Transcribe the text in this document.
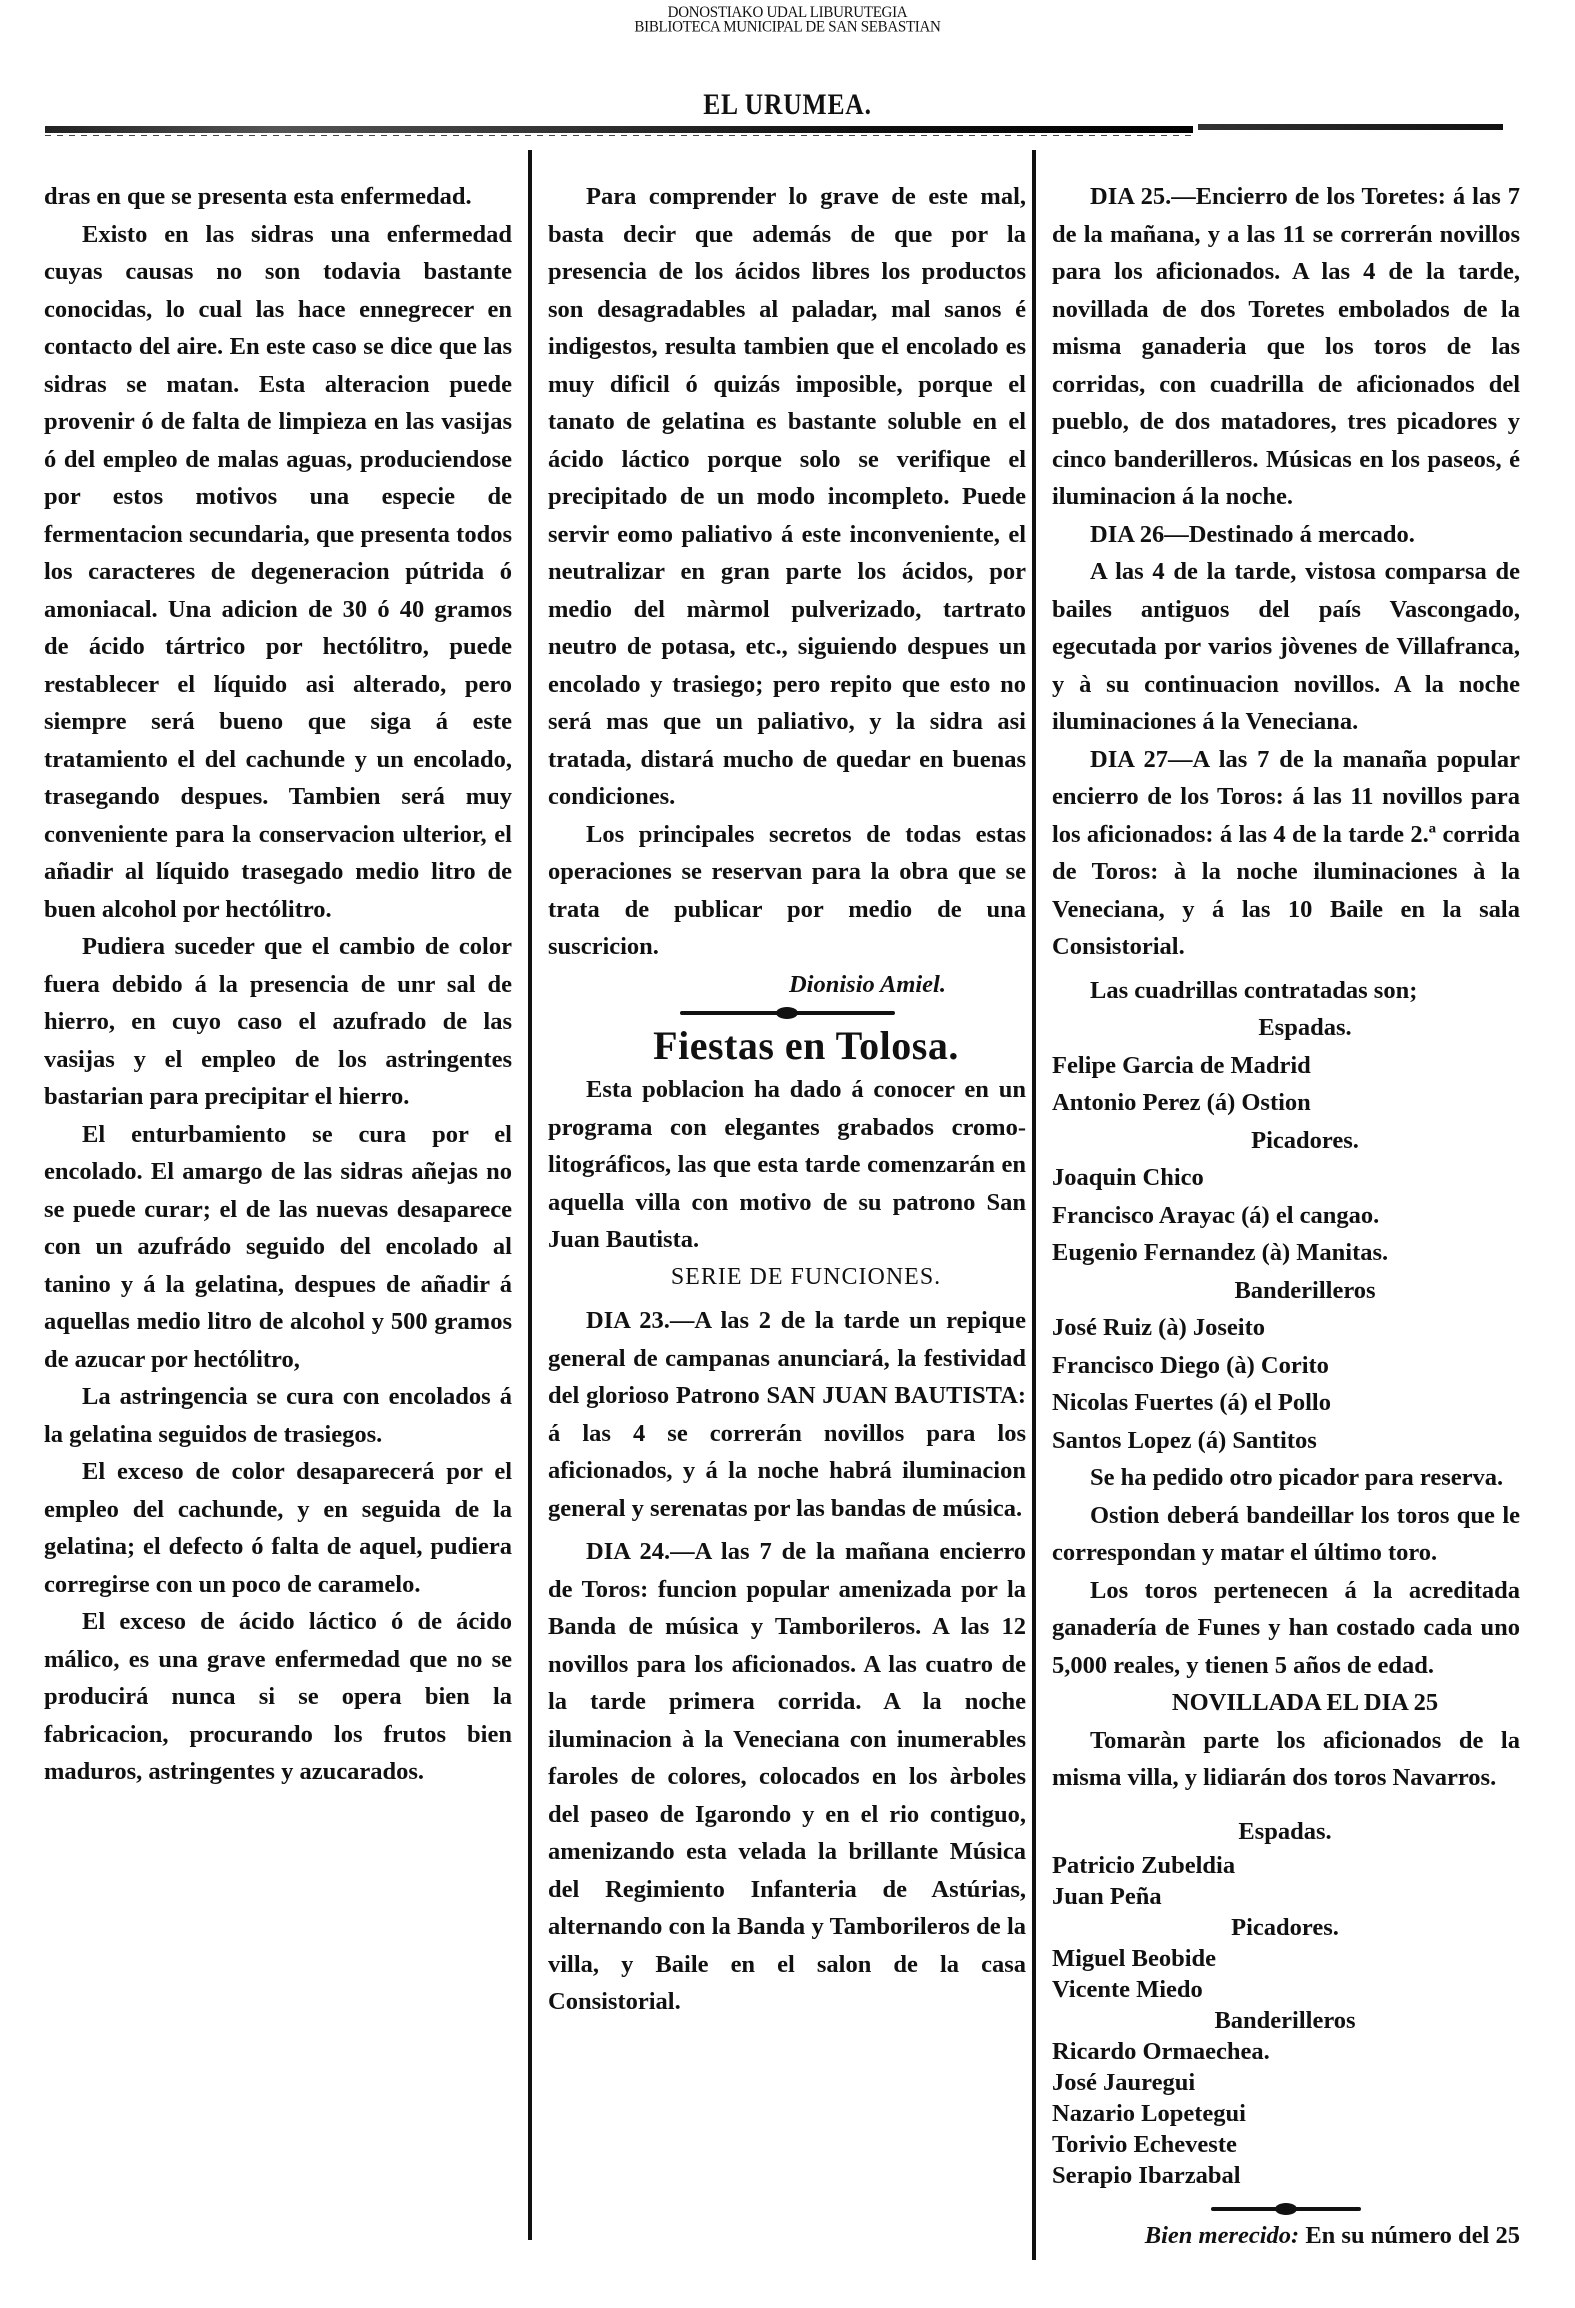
DONOSTIAKO UDAL LIBURUTEGIA
BIBLIOTECA MUNICIPAL DE SAN SEBASTIAN
EL URUMEA.

dras en que se presenta esta enfermedad.

Existo en las sidras una enfermedad cuyas causas no son todavia bastante conocidas, lo cual las hace ennegrecer en contacto del aire. En este caso se dice que las sidras se matan. Esta alteracion puede provenir ó de falta de limpieza en las vasijas ó del empleo de malas aguas, produciendose por estos motivos una especie de fermentacion secundaria, que presenta todos los caracteres de degeneracion pútrida ó amoniacal. Una adicion de 30 ó 40 gramos de ácido tártrico por hectólitro, puede restablecer el líquido asi alterado, pero siempre será bueno que siga á este tratamiento el del cachunde y un encolado, trasegando despues. Tambien será muy conveniente para la conservacion ulterior, el añadir al líquido trasegado medio litro de buen alcohol por hectólitro.

Pudiera suceder que el cambio de color fuera debido á la presencia de unr sal de hierro, en cuyo caso el azufrado de las vasijas y el empleo de los astringentes bastarian para precipitar el hierro.

El enturbamiento se cura por el encolado. El amargo de las sidras añejas no se puede curar; el de las nuevas desaparece con un azufrádo seguido del encolado al tanino y á la gelatina, despues de añadir á aquellas medio litro de alcohol y 500 gramos de azucar por hectólitro,

La astringencia se cura con encolados á la gelatina seguidos de trasiegos.

El exceso de color desaparecerá por el empleo del cachunde, y en seguida de la gelatina; el defecto ó falta de aquel, pudiera corregirse con un poco de caramelo.

El exceso de ácido láctico ó de ácido málico, es una grave enfermedad que no se producirá nunca si se opera bien la fabricacion, procurando los frutos bien maduros, astringentes y azucarados.

Para comprender lo grave de este mal, basta decir que además de que por la presencia de los ácidos libres los productos son desagradables al paladar, mal sanos é indigestos, resulta tambien que el encolado es muy dificil ó quizás imposible, porque el tanato de gelatina es bastante soluble en el ácido láctico porque solo se verifique el precipitado de un modo incompleto. Puede servir eomo paliativo á este inconveniente, el neutralizar en gran parte los ácidos, por medio del màrmol pulverizado, tartrato neutro de potasa, etc., siguiendo despues un encolado y trasiego; pero repito que esto no será mas que un paliativo, y la sidra asi tratada, distará mucho de quedar en buenas condiciones.

Los principales secretos de todas estas operaciones se reservan para la obra que se trata de publicar por medio de una suscricion.

Dionisio Amiel.

Fiestas en Tolosa.

Esta poblacion ha dado á conocer en un programa con elegantes grabados cromo-litográficos, las que esta tarde comenzarán en aquella villa con motivo de su patrono San Juan Bautista.

SERIE DE FUNCIONES.

DIA 23.—A las 2 de la tarde un repique general de campanas anunciará, la festividad del glorioso Patrono SAN JUAN BAUTISTA: á las 4 se correrán novillos para los aficionados, y á la noche habrá iluminacion general y serenatas por las bandas de música.

DIA 24.—A las 7 de la mañana encierro de Toros: funcion popular amenizada por la Banda de música y Tamborileros. A las 12 novillos para los aficionados. A las cuatro de la tarde primera corrida. A la noche iluminacion à la Veneciana con inumerables faroles de colores, colocados en los àrboles del paseo de Igarondo y en el rio contiguo, amenizando esta velada la brillante Música del Regimiento Infanteria de Astúrias, alternando con la Banda y Tamborileros de la villa, y Baile en el salon de la casa Consistorial.

DIA 25.—Encierro de los Toretes: á las 7 de la mañana, y a las 11 se correrán novillos para los aficionados. A las 4 de la tarde, novillada de dos Toretes embolados de la misma ganaderia que los toros de las corridas, con cuadrilla de aficionados del pueblo, de dos matadores, tres picadores y cinco banderilleros. Músicas en los paseos, é iluminacion á la noche.

DIA 26—Destinado á mercado.

A las 4 de la tarde, vistosa comparsa de bailes antiguos del país Vascongado, egecutada por varios jòvenes de Villafranca, y à su continuacion novillos. A la noche iluminaciones á la Veneciana.

DIA 27—A las 7 de la manaña popular encierro de los Toros: á las 11 novillos para los aficionados: á las 4 de la tarde 2.ª corrida de Toros: à la noche iluminaciones à la Veneciana, y á las 10 Baile en la sala Consistorial.

Las cuadrillas contratadas son;

Espadas.

Felipe Garcia de Madrid

Antonio Perez (á) Ostion

Picadores.

Joaquin Chico

Francisco Arayac (á) el cangao.

Eugenio Fernandez (à) Manitas.

Banderilleros

José Ruiz (à) Joseito

Francisco Diego (à) Corito

Nicolas Fuertes (á) el Pollo

Santos Lopez (á) Santitos

Se ha pedido otro picador para reserva.

Ostion deberá bandeillar los toros que le correspondan y matar el último toro.

Los toros pertenecen á la acreditada ganadería de Funes y han costado cada uno 5,000 reales, y tienen 5 años de edad.

NOVILLADA EL DIA 25

Tomaràn parte los aficionados de la misma villa, y lidiarán dos toros Navarros.

Espadas.

Patricio Zubeldia

Juan Peña

Picadores.

Miguel Beobide

Vicente Miedo

Banderilleros

Ricardo Ormaechea.

José Jauregui

Nazario Lopetegui

Torivio Echeveste

Serapio Ibarzabal

Bien merecido: En su número del 25
